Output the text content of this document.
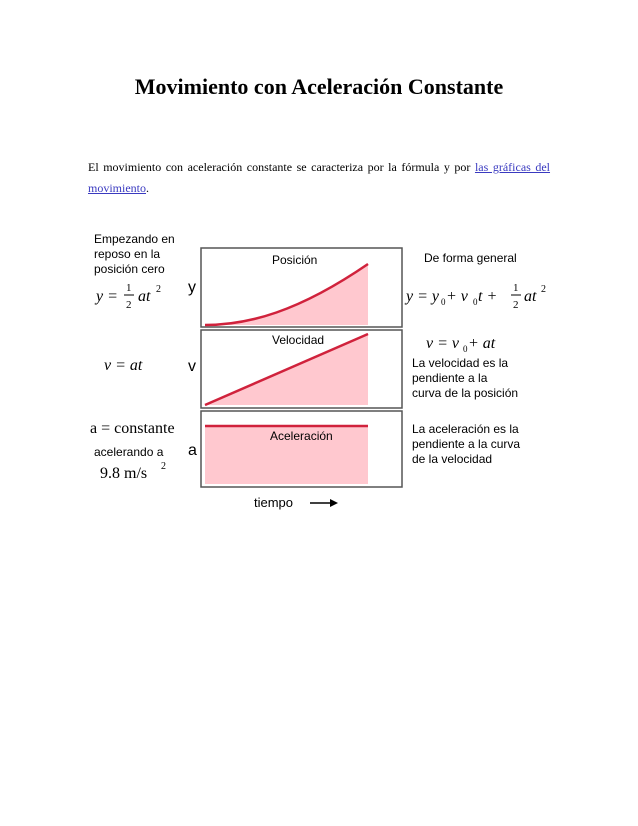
Movimiento con Aceleración Constante

El movimiento con aceleración constante se caracteriza por la fórmula y por las gráficas del
movimiento.

Empezando en
reposo en la
posición cero
y = 1
2 at 2 y
v
a
Posición
Velocidad
Aceleración
v = at
a = constante
acelerando a
9.8 m/s 2
De forma general
y = y 0 + v 0 t + 1
2 at 2
v = v 0 + at
La velocidad es la
pendiente a la
curva de la posición
La aceleración es la
pendiente a la curva
de la velocidad
tiempo
